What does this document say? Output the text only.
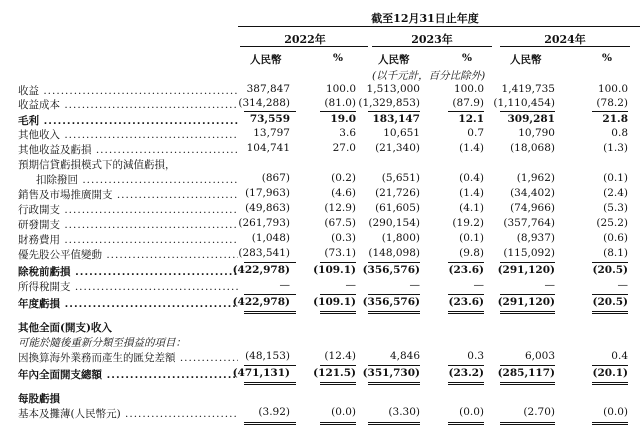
截至12月31日止年度
2022年	2023年	2024年
人民幣	%	人民幣	%	人民幣	%
(以千元計，百分比除外)
收益 .....	387,847	100.0	1,513,000	100.0	1,419,735	100.0
收益成本 .....	(314,288)	(81.0) (1,329,853)	(87.9) (1,110,454)	(78.2)
毛利 .....	73,559	19.0	183,147	12.1	309,281	21.8
其他收入 .....	13,797	3.6	10,651	0.7	10,790	0.8
其他收益及虧損 .....	104,741	27.0	(21,340)	(1.4)	(18,068)	(1.3)
預期信貸虧損模式下的減值虧損，
扣除撥回 .....	(867)	(0.2)	(5,651)	(0.4)	(1,962)	(0.1)
銷售及市場推廣開支 .....	(17,963)	(4.6)	(21,726)	(1.4)	(34,402)	(2.4)
行政開支 .....	(49,863)	(12.9)	(61,605)	(4.1)	(74,966)	(5.3)
研發開支 .....	(261,793)	(67.5)	(290,154)	(19.2)	(357,764)	(25.2)
財務費用 .....	(1,048)	(0.3)	(1,800)	(0.1)	(8,937)	(0.6)
優先股公平值變動 .....	(283,541)	(73.1)	(148,098)	(9.8)	(115,092)	(8.1)
除稅前虧損 .....	(422,978)	(109.1) (356,576)	(23.6)	(291,120)	(20.5)
所得稅開支 .....	—	—	—	—	—	—
年度虧損 .....	(422,978)	(109.1) (356,576)	(23.6)	(291,120)	(20.5)
其他全面(開支)收入
可能於隨後重新分類至損益的項目：
因換算海外業務而產生的匯兌差額 .....	(48,153)	(12.4)	4,846	0.3	6,003	0.4
年內全面開支總額 .....	(471,131)	(121.5) (351,730)	(23.2)	(285,117)	(20.1)
每股虧損
基本及攤薄(人民幣元) .....	(3.92)	(0.0)	(3.30)	(0.0)	(2.70)	(0.0)
